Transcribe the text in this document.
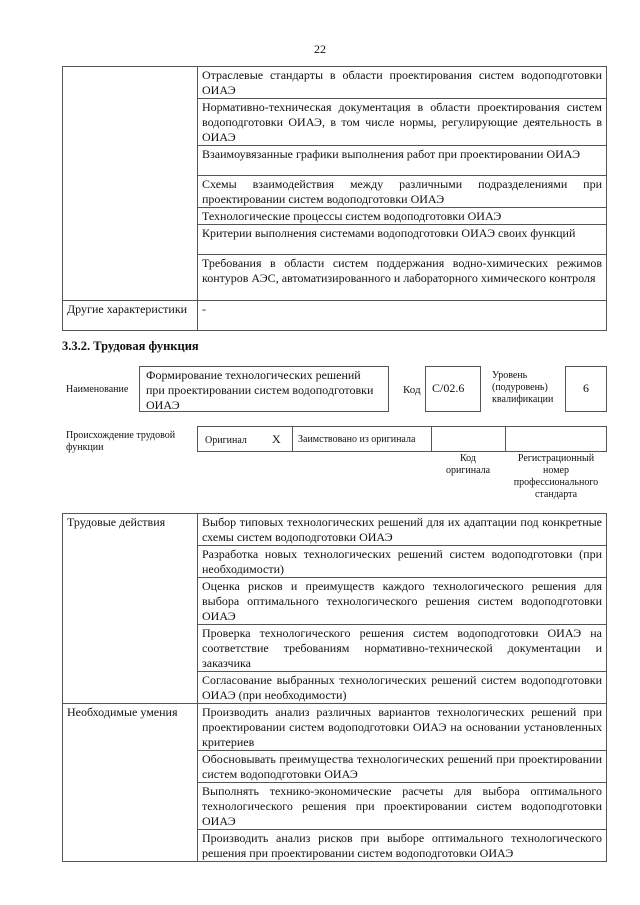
22
	Отраслевые стандарты в области проектирования систем водоподготовки ОИАЭ
	Нормативно-техническая документация в области проектирования систем водоподготовки ОИАЭ, в том числе нормы, регулирующие деятельность в ОИАЭ
	Взаимоувязанные графики выполнения работ при проектировании ОИАЭ
	Схемы взаимодействия между различными подразделениями при проектировании систем водоподготовки ОИАЭ
	Технологические процессы систем водоподготовки ОИАЭ
	Критерии выполнения системами водоподготовки ОИАЭ своих функций
	Требования в области систем поддержания водно-химических режимов контуров АЭС, автоматизированного и лабораторного химического контроля
Другие характеристики	-
3.3.2. Трудовая функция
Наименование
Формирование технологических решений при проектировании систем водоподготовки ОИАЭ
Код C/02.6
Уровень (подуровень) квалификации
6
Происхождение трудовой функции
Оригинал X Заимствовано из оригинала
Код оригинала
Регистрационный номер профессионального стандарта
Трудовые действия	Выбор типовых технологических решений для их адаптации под конкретные схемы систем водоподготовки ОИАЭ
	Разработка новых технологических решений систем водоподготовки (при необходимости)
	Оценка рисков и преимуществ каждого технологического решения для выбора оптимального технологического решения систем водоподготовки ОИАЭ
	Проверка технологического решения систем водоподготовки ОИАЭ на соответствие требованиям нормативно-технической документации и заказчика
	Согласование выбранных технологических решений систем водоподготовки ОИАЭ (при необходимости)
Необходимые умения	Производить анализ различных вариантов технологических решений при проектировании систем водоподготовки ОИАЭ на основании установленных критериев
	Обосновывать преимущества технологических решений при проектировании систем водоподготовки ОИАЭ
	Выполнять технико-экономические расчеты для выбора оптимального технологического решения при проектировании систем водоподготовки ОИАЭ
	Производить анализ рисков при выборе оптимального технологического решения при проектировании систем водоподготовки ОИАЭ
